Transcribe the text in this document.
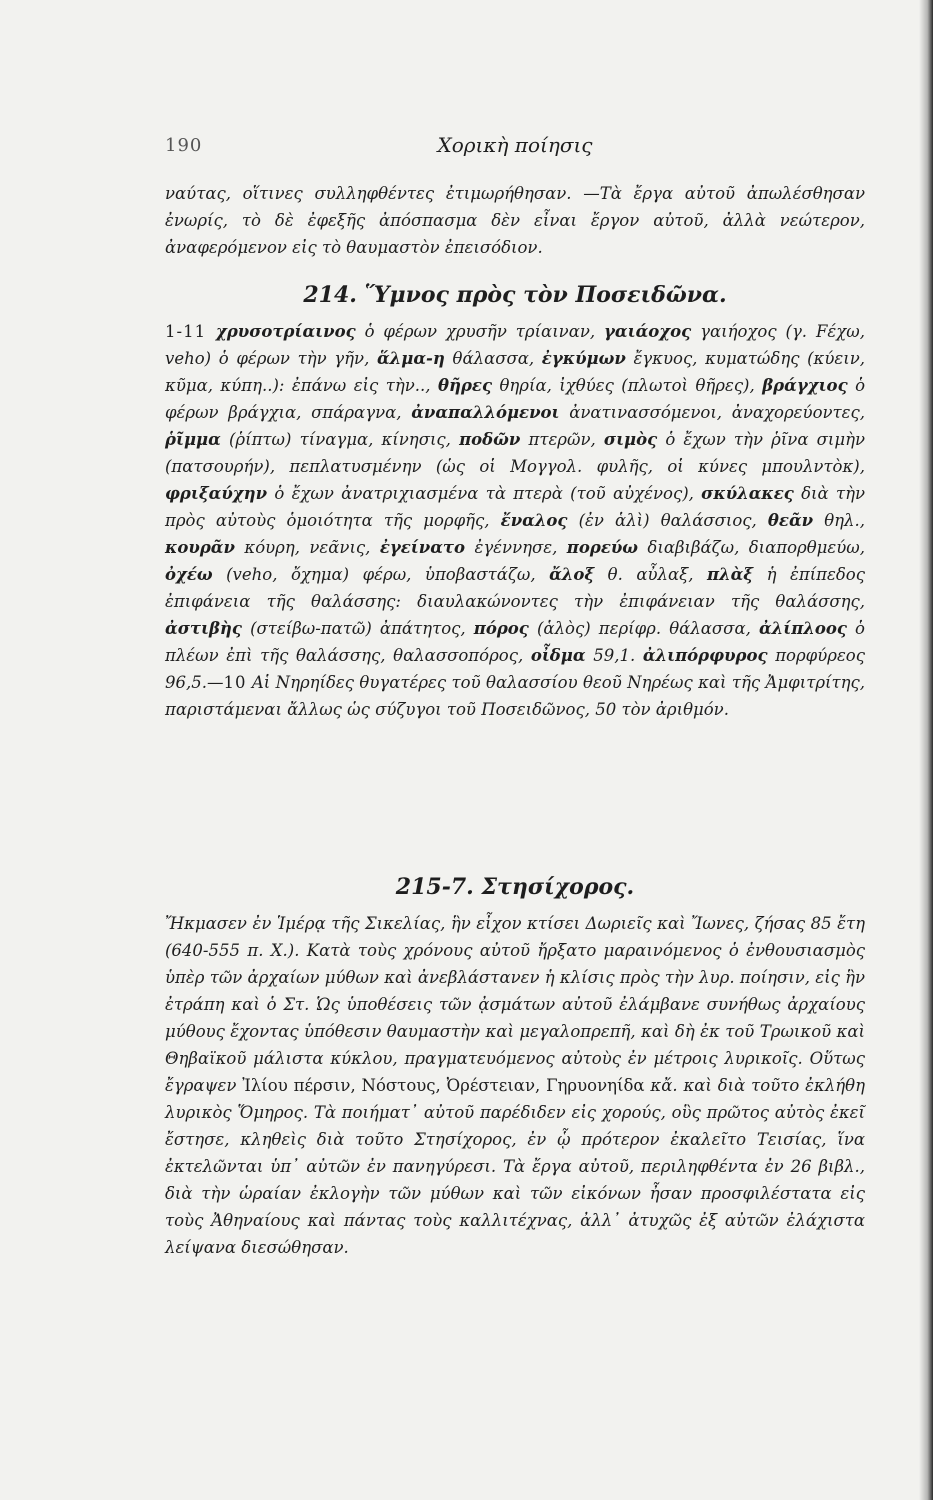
190	Χορικὴ ποίησις
ναύτας, οἵτινες συλληφθέντες ἐτιμωρήθησαν. —Τὰ ἔργα αὐτοῦ ἀπωλέσθησαν ἐνωρίς, τὸ δὲ ἐφεξῆς ἀπόσπασμα δὲν εἶναι ἔργον αὐτοῦ, ἀλλὰ νεώτερον, ἀναφερόμενον εἰς τὸ θαυμαστὸν ἐπεισόδιον.
214. Ὕμνος πρὸς τὸν Ποσειδῶνα.
1-11 χρυσοτρίαινος ὁ φέρων χρυσῆν τρίαιναν, γαιάοχος γαιήοχος (γ. Fέχω, veho) ὁ φέρων τὴν γῆν, ἅλμα-η θάλασσα, ἐγκύμων ἔγκυος, κυματώδης (κύειν, κῦμα, κύπη..): ἐπάνω εἰς τὴν.., θῆρες θηρία, ἰχθύες (πλωτοὶ θῆρες), βράγχιος ὁ φέρων βράγχια, σπάραγνα, ἀναπαλλόμενοι ἀνατινασσόμενοι, ἀναχορεύοντες, ῥῖμμα (ῥίπτω) τίναγμα, κίνησις, ποδῶν πτερῶν, σιμὸς ὁ ἔχων τὴν ῥῖνα σιμὴν (πατσουρήν), πεπλατυσμένην (ὡς οἱ Μογγολ. φυλῆς, οἱ κύνες μπουλντὸκ), φριξαύχην ὁ ἔχων ἀνατριχιασμένα τὰ πτερὰ (τοῦ αὐχένος), σκύλακες διὰ τὴν πρὸς αὐτοὺς ὁμοιότητα τῆς μορφῆς, ἔναλος (ἐν ἁλὶ) θαλάσσιος, θεᾶν θηλ., κουρᾶν κόυρη, νεᾶνις, ἐγείνατο ἐγέννησε, πορεύω διαβιβάζω, διαπορθμεύω, ὀχέω (veho, ὄχημα) φέρω, ὑποβαστάζω, ἄλοξ θ. αὖλαξ, πλὰξ ἡ ἐπίπεδος ἐπιφάνεια τῆς θαλάσσης: διαυλακώνοντες τὴν ἐπιφάνειαν τῆς θαλάσσης, ἀστιβὴς (στείβω-πατῶ) ἀπάτητος, πόρος (ἁλὸς) περίφρ. θάλασσα, ἀλίπλοος ὁ πλέων ἐπὶ τῆς θαλάσσης, θαλασσοπόρος, οἶδμα 59,1. ἀλιπόρφυρος πορφύρεος 96,5.—10 Αἱ Νηρηίδες θυγατέρες τοῦ θαλασσίου θεοῦ Νηρέως καὶ τῆς Ἀμφιτρίτης, παριστάμεναι ἄλλως ὡς σύζυγοι τοῦ Ποσειδῶνος, 50 τὸν ἀριθμόν.
215-7. Στησίχορος.
Ἤκμασεν ἐν Ἱμέρᾳ τῆς Σικελίας, ἣν εἶχον κτίσει Δωριεῖς καὶ Ἴωνες, ζήσας 85 ἔτη (640-555 π. Χ.). Κατὰ τοὺς χρόνους αὐτοῦ ἤρξατο μαραινόμενος ὁ ἐνθουσιασμὸς ὑπὲρ τῶν ἀρχαίων μύθων καὶ ἀνεβλάστανεν ἡ κλίσις πρὸς τὴν λυρ. ποίησιν, εἰς ἣν ἐτράπη καὶ ὁ Στ. Ὡς ὑποθέσεις τῶν ᾀσμάτων αὐτοῦ ἐλάμβανε συνήθως ἀρχαίους μύθους ἔχοντας ὑπόθεσιν θαυμαστὴν καὶ μεγαλοπρεπῆ, καὶ δὴ ἐκ τοῦ Τρωικοῦ καὶ Θηβαϊκοῦ μάλιστα κύκλου, πραγματευόμενος αὐτοὺς ἐν μέτροις λυρικοῖς. Οὕτως ἔγραψεν Ἰλίου πέρσιν, Νόστους, Ὀρέστειαν, Γηρυονηίδα κἄ. καὶ διὰ τοῦτο ἐκλήθη λυρικὸς Ὅμηρος. Τὰ ποιήματ᾽ αὐτοῦ παρέδιδεν εἰς χορούς, οὓς πρῶτος αὐτὸς ἐκεῖ ἔστησε, κληθεὶς διὰ τοῦτο Στησίχορος, ἐν ᾧ πρότερον ἐκαλεῖτο Τεισίας, ἵνα ἐκτελῶνται ὑπ᾽ αὐτῶν ἐν πανηγύρεσι. Τὰ ἔργα αὐτοῦ, περιληφθέντα ἐν 26 βιβλ., διὰ τὴν ὡραίαν ἐκλογὴν τῶν μύθων καὶ τῶν εἰκόνων ἦσαν προσφιλέστατα εἰς τοὺς Ἀθηναίους καὶ πάντας τοὺς καλλιτέχνας, ἀλλ᾽ ἀτυχῶς ἐξ αὐτῶν ἐλάχιστα λείψανα διεσώθησαν.
